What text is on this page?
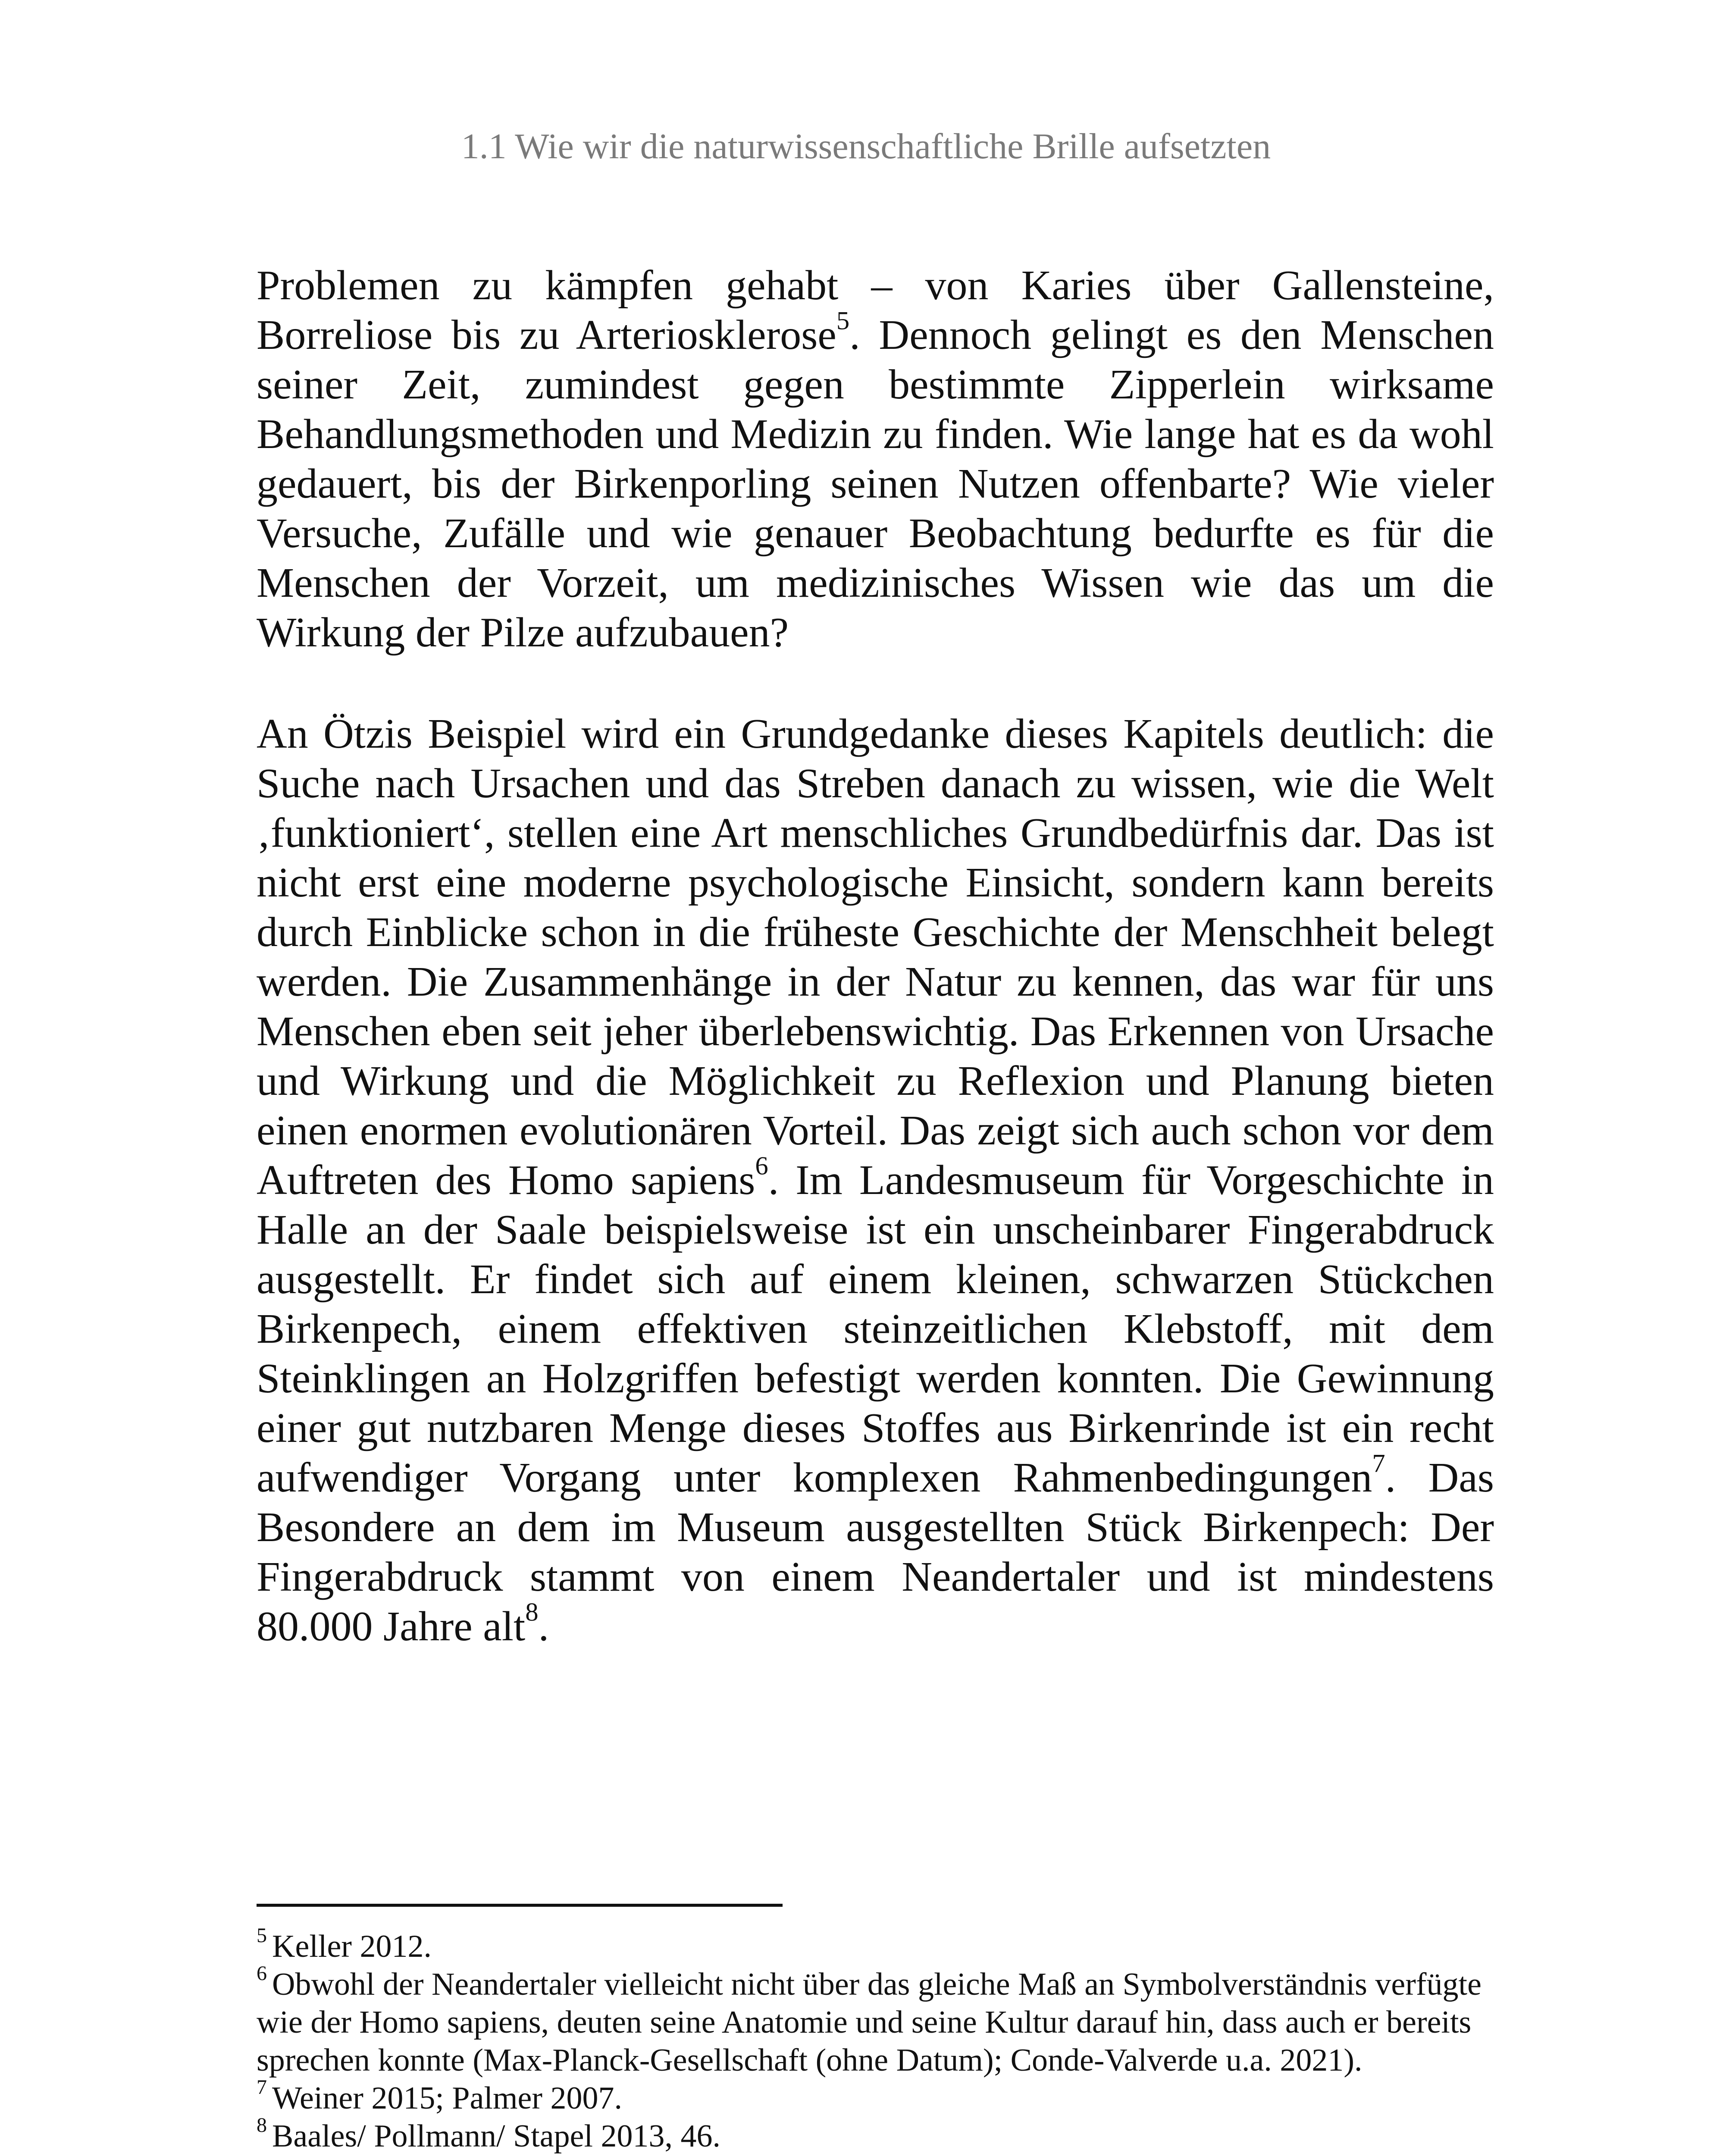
1.1 Wie wir die naturwissenschaftliche Brille aufsetzten

Problemen zu kämpfen gehabt – von Karies über Gallensteine, Borreliose bis zu Arteriosklerose$^5$. Dennoch gelingt es den Menschen seiner Zeit, zumindest gegen bestimmte Zipperlein wirksame Behandlungsmethoden und Medizin zu finden. Wie lange hat es da wohl gedauert, bis der Birkenporling seinen Nutzen offenbarte? Wie vieler Versuche, Zufälle und wie genauer Beobachtung bedurfte es für die Menschen der Vorzeit, um medizinisches Wissen wie das um die Wirkung der Pilze aufzubauen?

An Ötzis Beispiel wird ein Grundgedanke dieses Kapitels deutlich: die Suche nach Ursachen und das Streben danach zu wissen, wie die Welt ‚funktioniert‘, stellen eine Art menschliches Grundbedürfnis dar. Das ist nicht erst eine moderne psychologische Einsicht, sondern kann bereits durch Einblicke schon in die früheste Geschichte der Menschheit belegt werden. Die Zusammenhänge in der Natur zu kennen, das war für uns Menschen eben seit jeher überlebenswichtig. Das Erkennen von Ursache und Wirkung und die Möglichkeit zu Reflexion und Planung bieten einen enormen evolutionären Vorteil. Das zeigt sich auch schon vor dem Auftreten des Homo sapiens$^6$. Im Landesmuseum für Vorgeschichte in Halle an der Saale beispielsweise ist ein unscheinbarer Fingerabdruck ausgestellt. Er findet sich auf einem kleinen, schwarzen Stückchen Birkenpech, einem effektiven steinzeitlichen Klebstoff, mit dem Steinklingen an Holzgriffen befestigt werden konnten. Die Gewinnung einer gut nutzbaren Menge dieses Stoffes aus Birkenrinde ist ein recht aufwendiger Vorgang unter komplexen Rahmenbedingungen$^7$. Das Besondere an dem im Museum ausgestellten Stück Birkenpech: Der Fingerabdruck stammt von einem Neandertaler und ist mindestens 80.000 Jahre alt$^8$.

$^5$ Keller 2012.

$^6$ Obwohl der Neandertaler vielleicht nicht über das gleiche Maß an Symbolverständnis verfügte wie der Homo sapiens, deuten seine Anatomie und seine Kultur darauf hin, dass auch er bereits sprechen konnte (Max-Planck-Gesellschaft (ohne Datum); Conde-Valverde u.a. 2021).

$^7$ Weiner 2015; Palmer 2007.

$^8$ Baales/ Pollmann/ Stapel 2013, 46.
